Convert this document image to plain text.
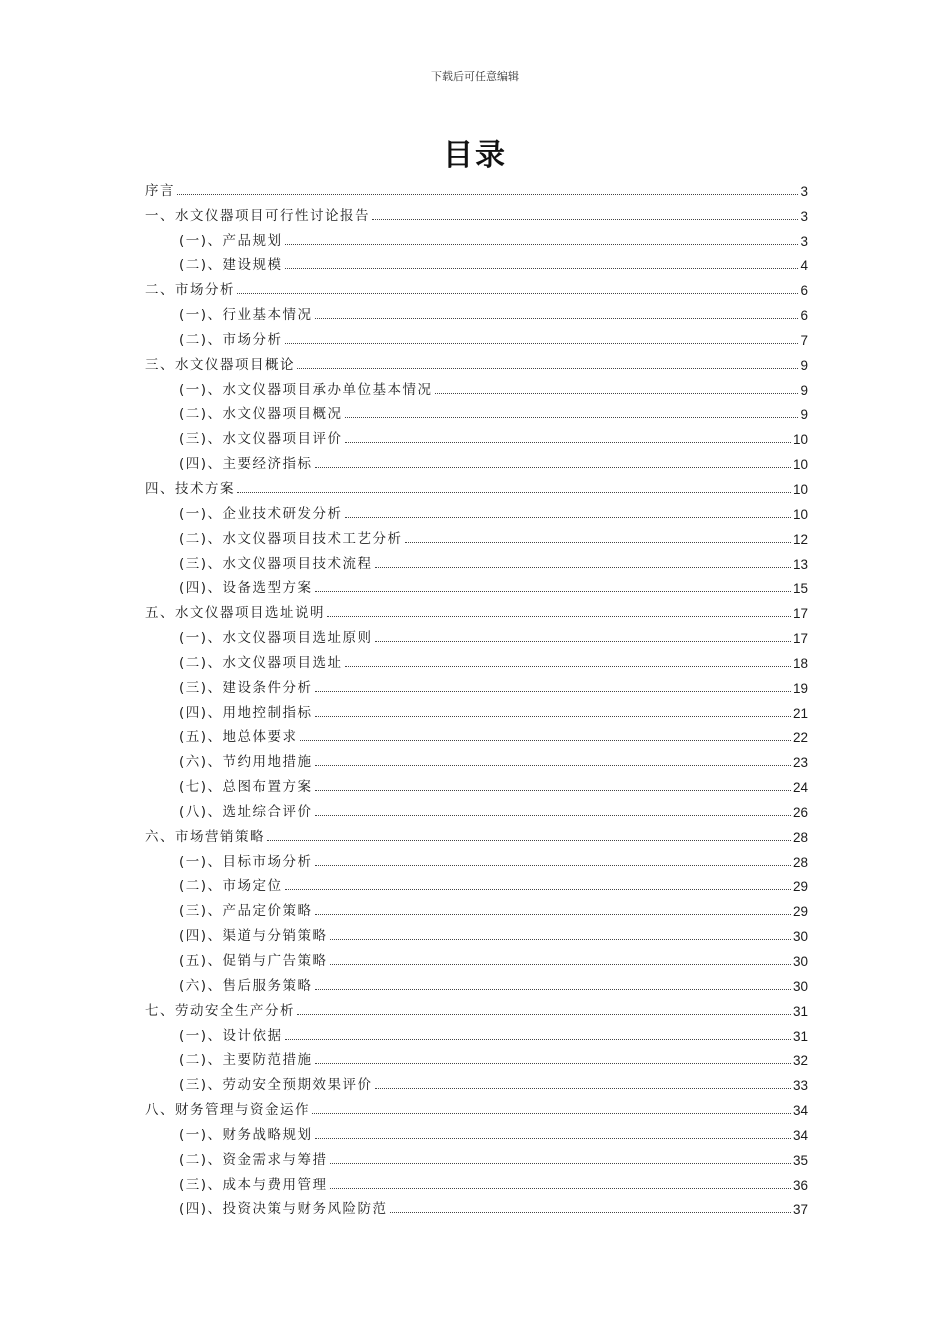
下载后可任意编辑
目录
序言	3
一、水文仪器项目可行性讨论报告	3
(一)、产品规划	3
(二)、建设规模	4
二、市场分析	6
(一)、行业基本情况	6
(二)、市场分析	7
三、水文仪器项目概论	9
(一)、水文仪器项目承办单位基本情况	9
(二)、水文仪器项目概况	9
(三)、水文仪器项目评价	10
(四)、主要经济指标	10
四、技术方案	10
(一)、企业技术研发分析	10
(二)、水文仪器项目技术工艺分析	12
(三)、水文仪器项目技术流程	13
(四)、设备选型方案	15
五、水文仪器项目选址说明	17
(一)、水文仪器项目选址原则	17
(二)、水文仪器项目选址	18
(三)、建设条件分析	19
(四)、用地控制指标	21
(五)、地总体要求	22
(六)、节约用地措施	23
(七)、总图布置方案	24
(八)、选址综合评价	26
六、市场营销策略	28
(一)、目标市场分析	28
(二)、市场定位	29
(三)、产品定价策略	29
(四)、渠道与分销策略	30
(五)、促销与广告策略	30
(六)、售后服务策略	30
七、劳动安全生产分析	31
(一)、设计依据	31
(二)、主要防范措施	32
(三)、劳动安全预期效果评价	33
八、财务管理与资金运作	34
(一)、财务战略规划	34
(二)、资金需求与筹措	35
(三)、成本与费用管理	36
(四)、投资决策与财务风险防范	37
